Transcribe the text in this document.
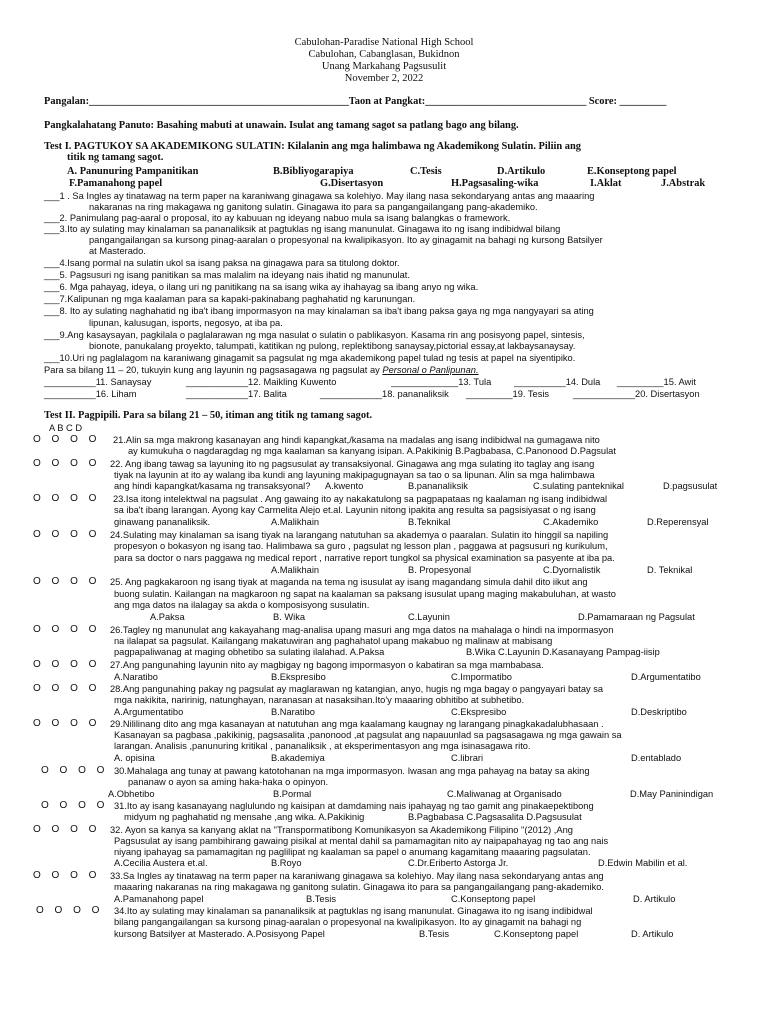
Cabulohan-Paradise National High School
Cabulohan, Cabanglasan, Bukidnon
Unang Markahang Pagsusulit
November 2, 2022
Pangalan:__________________________________________________Taon at Pangkat:_______________________________ Score: _________
Pangkalahatang Panuto: Basahing mabuti at unawain. Isulat ang tamang sagot sa patlang bago ang bilang.
Test I. PAGTUKOY SA AKADEMIKONG SULATIN: Kilalanin ang mga halimbawa ng Akademikong Sulatin. Piliin ang
titik ng tamang sagot.
A. Panunuring Pampanitikan	B.Bibliyogarapiya	C.Tesis	D.Artikulo	E.Konseptong papel
F.Pamanahong papel	G.Disertasyon	H.Pagsasaling-wika	I.Aklat	J.Abstrak
___1 . Sa Ingles ay tinatawag na term paper na karaniwang ginagawa sa kolehiyo. May ilang nasa sekondaryang antas ang maaaring
nakaranas na ring makagawa ng ganitong sulatin. Ginagawa ito para sa pangangailangang pang-akademiko.
___2. Panimulang pag-aaral o proposal, ito ay kabuuan ng ideyang nabuo mula sa isang balangkas o framework.
___3.Ito ay sulating may kinalaman sa pananaliksik at pagtuklas ng isang manunulat. Ginagawa ito ng isang indibidwal bilang
pangangailangan sa kursong pinag-aaralan o propesyonal na kwalipikasyon. Ito ay ginagamit na bahagi ng kursong Batsilyer
at Masterado.
___4.Isang pormal na sulatin ukol sa isang paksa na ginagawa para sa titulong doktor.
___5. Pagsusuri ng isang panitikan sa mas malalim na ideyang nais ihatid ng manunulat.
___6. Mga pahayag, ideya, o ilang uri ng panitikang na sa isang wika ay ihahayag sa ibang anyo ng wika.
___7.Kalipunan ng mga kaalaman para sa kapaki-pakinabang paghahatid ng karunungan.
___8. Ito ay sulating naghahatid ng iba't ibang impormasyon na may kinalaman sa iba't ibang paksa gaya ng mga nangyayari sa ating
lipunan, kalusugan, isports, negosyo, at iba pa.
___9.Ang kasaysayan, pagkilala o paglalarawan ng mga nasulat o sulatin o pablikasyon. Kasama rin ang posisyong papel, sintesis,
bionote, panukalang proyekto, talumpati, katitikan ng pulong, replektibong sanaysay,pictorial essay,at lakbaysanaysay.
___10.Uri ng paglalagom na karaniwang ginagamit sa pagsulat ng mga akademikong papel tulad ng tesis at papel na siyentipiko.
Para sa bilang 11 – 20, tukuyin kung ang layunin ng pagsasagawa ng pagsulat ay Personal o Panlipunan.
__________11. Sanaysay	____________12. Maikling Kuwento	_____________13. Tula __________14. Dula _________15. Awit
__________16. Liham	____________17. Balita	____________18. pananaliksik _________19. Tesis	____________20. Disertasyon
Test II. Pagpipili. Para sa bilang 21 – 50, itiman ang titik ng tamang sagot.
A B C D
O O O O 21.Alin sa mga makrong kasanayan ang hindi kapangkat,/kasama na madalas ang isang indibidwal na gumagawa nito
ay kumukuha o nagdaragdag ng mga kaalaman sa kanyang isipan. A.Pakikinig B.Pagbabasa, C.Panonood D.Pagsulat
O O O O 22. Ang ibang tawag sa layuning ito ng pagsusulat ay transaksiyonal. Ginagawa ang mga sulating ito taglay ang isang
tiyak na layunin at ito ay walang iba kundi ang layuning makipagugnayan sa tao o sa lipunan. Alin sa mga halimbawa
ang hindi kapangkat/kasama ng transaksyonal? A.kwento	B.pananaliksik	C.sulating panteknikal	D.pagsusulat
O O O O 23.Isa itong intelektwal na pagsulat . Ang gawaing ito ay nakakatulong sa pagpapataas ng kaalaman ng isang indibidwal
sa iba't ibang larangan. Ayong kay Carmelita Alejo et.al. Layunin nitong ipakita ang resulta sa pagsisiyasat o ng isang
ginawang pananaliksik.	A.Malikhain	B.Teknikal	C.Akademiko	D.Reperensyal
O O O O 24.Sulating may kinalaman sa isang tiyak na larangang natutuhan sa akademya o paaralan. Sulatin ito hinggil sa napiling
propesyon o bokasyon ng isang tao. Halimbawa sa guro , pagsulat ng lesson plan , paggawa at pagsusuri ng kurikulum,
para sa doctor o nars paggawa ng medical report , narrative report tungkol sa physical examination sa pasyente at iba pa.
A.Malikhain	B. Propesyonal	C.Dyornalistik	D. Teknikal
O O O O 25. Ang pagkakaroon ng isang tiyak at maganda na tema ng isusulat ay isang magandang simula dahil dito iikut ang
buong sulatin. Kailangan na magkaroon ng sapat na kaalaman sa paksang isusulat upang maging makabuluhan, at wasto
ang mga datos na ilalagay sa akda o komposisyong susulatin.
A.Paksa	B. Wika	C.Layunin	D.Pamamaraan ng Pagsulat
O O O O 26.Tagley ng manunulat ang kakayahang mag-analisa upang masuri ang mga datos na mahalaga o hindi na impormasyon
na ilalapat sa pagsulat. Kailangang makatuwiran ang paghahatol upang makabuo ng malinaw at mabisang
pagpapaliwanag at maging obhetibo sa sulating ilalahad. A.Paksa	B.Wika C.Layunin D.Kasanayang Pampag-iisip
O O O O 27.Ang pangunahing layunin nito ay magbigay ng bagong impormasyon o kabatiran sa mga mambabasa.
A.Naratibo	B.Ekspresibo	C.Impormatibo	D.Argumentatibo
O O O O 28.Ang pangunahing pakay ng pagsulat ay maglarawan ng katangian, anyo, hugis ng mga bagay o pangyayari batay sa
mga nakikita, naririnig, natunghayan, naranasan at nasaksihan.Ito'y maaaring obhitibo at subhetibo.
A.Argumentatibo	B.Naratibo	C.Ekspresibo	D.Deskriptibo
O O O O 29.Nililinang dito ang mga kasanayan at natutuhan ang mga kaalamang kaugnay ng larangang pinagkakadalubhasaan .
Kasanayan sa pagbasa ,pakikinig, pagsasalita ,panonood ,at pagsulat ang napauunlad sa pagsasagawa ng mga gawain sa
larangan. Analisis ,panunuring kritikal , pananaliksik , at eksperimentasyon ang mga isinasagawa rito.
A. opisina	B.akademiya	C.librari	D.entablado
O O O O 30.Mahalaga ang tunay at pawang katotohanan na mga impormasyon. Iwasan ang mga pahayag na batay sa aking
pananaw o ayon sa aming haka-haka o opinyon.
A.Obhetibo	B.Pormal	C.Maliwanag at Organisado	D.May Paninindigan
O O O O 31.Ito ay isang kasanayang naglulundo ng kaisipan at damdaming nais ipahayag ng tao gamit ang pinakaepektibong
midyum ng paghahatid ng mensahe ,ang wika. A.Pakikinig	B.Pagbabasa C.Pagsasalita D.Pagsusulat
O O O O 32. Ayon sa kanya sa kanyang aklat na "Transpormatibong Komunikasyon sa Akademikong Filipino "(2012) ,Ang
Pagsusulat ay isang pambihirang gawaing pisikal at mental dahil sa pamamagitan nito ay naipapahayag ng tao ang nais
niyang ipahayag sa pamamagitan ng paglilipat ng kaalaman sa papel o anumang kagamitang maaaring pagsulatan.
A.Cecilia Austera et.al.	B.Royo	C.Dr.Eriberto Astorga Jr.	D.Edwin Mabilin et al.
O O O O 33.Sa Ingles ay tinatawag na term paper na karaniwang ginagawa sa kolehiyo. May ilang nasa sekondaryang antas ang
maaaring nakaranas na ring makagawa ng ganitong sulatin. Ginagawa ito para sa pangangailangang pang-akademiko.
A.Pamanahong papel	B.Tesis	C.Konseptong papel	D. Artikulo
O O O O 34.Ito ay sulating may kinalaman sa pananaliksik at pagtuklas ng isang manunulat. Ginagawa ito ng isang indibidwal
bilang pangangailangan sa kursong pinag-aaralan o propesyonal na kwalipikasyon. Ito ay ginagamit na bahagi ng
kursong Batsilyer at Masterado. A.Posisyong Papel	B.Tesis	C.Konseptong papel	D. Artikulo
